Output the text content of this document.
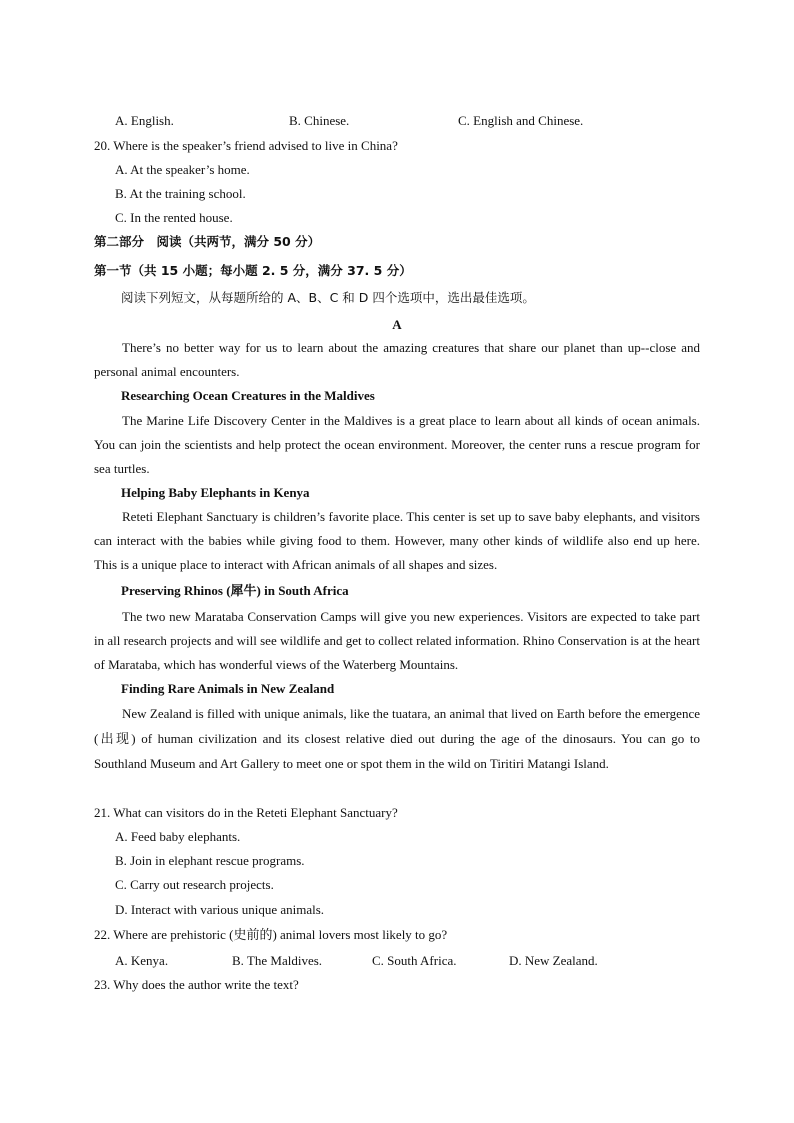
A. English.	B. Chinese.	C. English and Chinese.
20. Where is the speaker’s friend advised to live in China?
A. At the speaker’s home.
B. At the training school.
C. In the rented house.
第二部分　阅读（共两节，满分 50 分）
第一节（共 15 小题；每小题 2. 5 分，满分 37. 5 分）
阅读下列短文，从每题所给的 A、B、C 和 D 四个选项中，选出最佳选项。
A
There’s no better way for us to learn about the amazing creatures that share our planet than up--close and personal animal encounters.
Researching Ocean Creatures in the Maldives
The Marine Life Discovery Center in the Maldives is a great place to learn about all kinds of ocean animals. You can join the scientists and help protect the ocean environment. Moreover, the center runs a rescue program for sea turtles.
Helping Baby Elephants in Kenya
Reteti Elephant Sanctuary is children’s favorite place. This center is set up to save baby elephants, and visitors can interact with the babies while giving food to them. However, many other kinds of wildlife also end up here. This is a unique place to interact with African animals of all shapes and sizes.
Preserving Rhinos (犀牛) in South Africa
The two new Marataba Conservation Camps will give you new experiences. Visitors are expected to take part in all research projects and will see wildlife and get to collect related information. Rhino Conservation is at the heart of Marataba, which has wonderful views of the Waterberg Mountains.
Finding Rare Animals in New Zealand
New Zealand is filled with unique animals, like the tuatara, an animal that lived on Earth before the emergence (出现) of human civilization and its closest relative died out during the age of the dinosaurs. You can go to Southland Museum and Art Gallery to meet one or spot them in the wild on Tiritiri Matangi Island.
21. What can visitors do in the Reteti Elephant Sanctuary?
A. Feed baby elephants.
B. Join in elephant rescue programs.
C. Carry out research projects.
D. Interact with various unique animals.
22. Where are prehistoric (史前的) animal lovers most likely to go?
A. Kenya.	B. The Maldives.	C. South Africa.	D. New Zealand.
23. Why does the author write the text?
